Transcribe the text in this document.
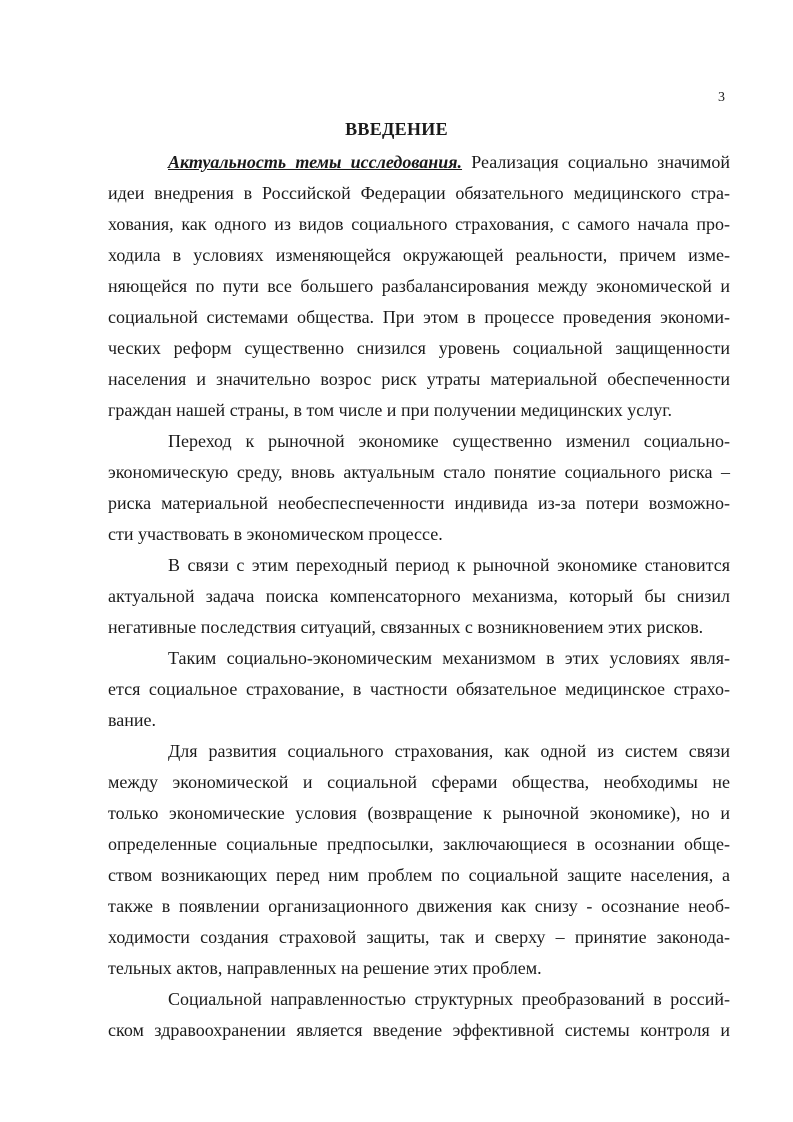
3
ВВЕДЕНИЕ
Актуальность темы исследования. Реализация социально значимой
идеи внедрения в Российской Федерации обязательного медицинского стра-
хования, как одного из видов социального страхования, с самого начала про-
ходила в условиях изменяющейся окружающей реальности, причем изме-
няющейся по пути все большего разбалансирования между экономической и
социальной системами общества. При этом в процессе проведения экономи-
ческих реформ существенно снизился уровень социальной защищенности
населения и значительно возрос риск утраты материальной обеспеченности
граждан нашей страны, в том числе и при получении медицинских услуг.
Переход к рыночной экономике существенно изменил социально-
экономическую среду, вновь актуальным стало понятие социального риска –
риска материальной необеспеспеченности индивида из-за потери возможно-
сти участвовать в экономическом процессе.
В связи с этим переходный период к рыночной экономике становится
актуальной задача поиска компенсаторного механизма, который бы снизил
негативные последствия ситуаций, связанных с возникновением этих рисков.
Таким социально-экономическим механизмом в этих условиях явля-
ется социальное страхование, в частности обязательное медицинское страхо-
вание.
Для развития социального страхования, как одной из систем связи
между экономической и социальной сферами общества, необходимы не
только экономические условия (возвращение к рыночной экономике), но и
определенные социальные предпосылки, заключающиеся в осознании обще-
ством возникающих перед ним проблем по социальной защите населения, а
также в появлении организационного движения как снизу - осознание необ-
ходимости создания страховой защиты, так и сверху – принятие законода-
тельных актов, направленных на решение этих проблем.
Социальной направленностью структурных преобразований в россий-
ском здравоохранении является введение эффективной системы контроля и
